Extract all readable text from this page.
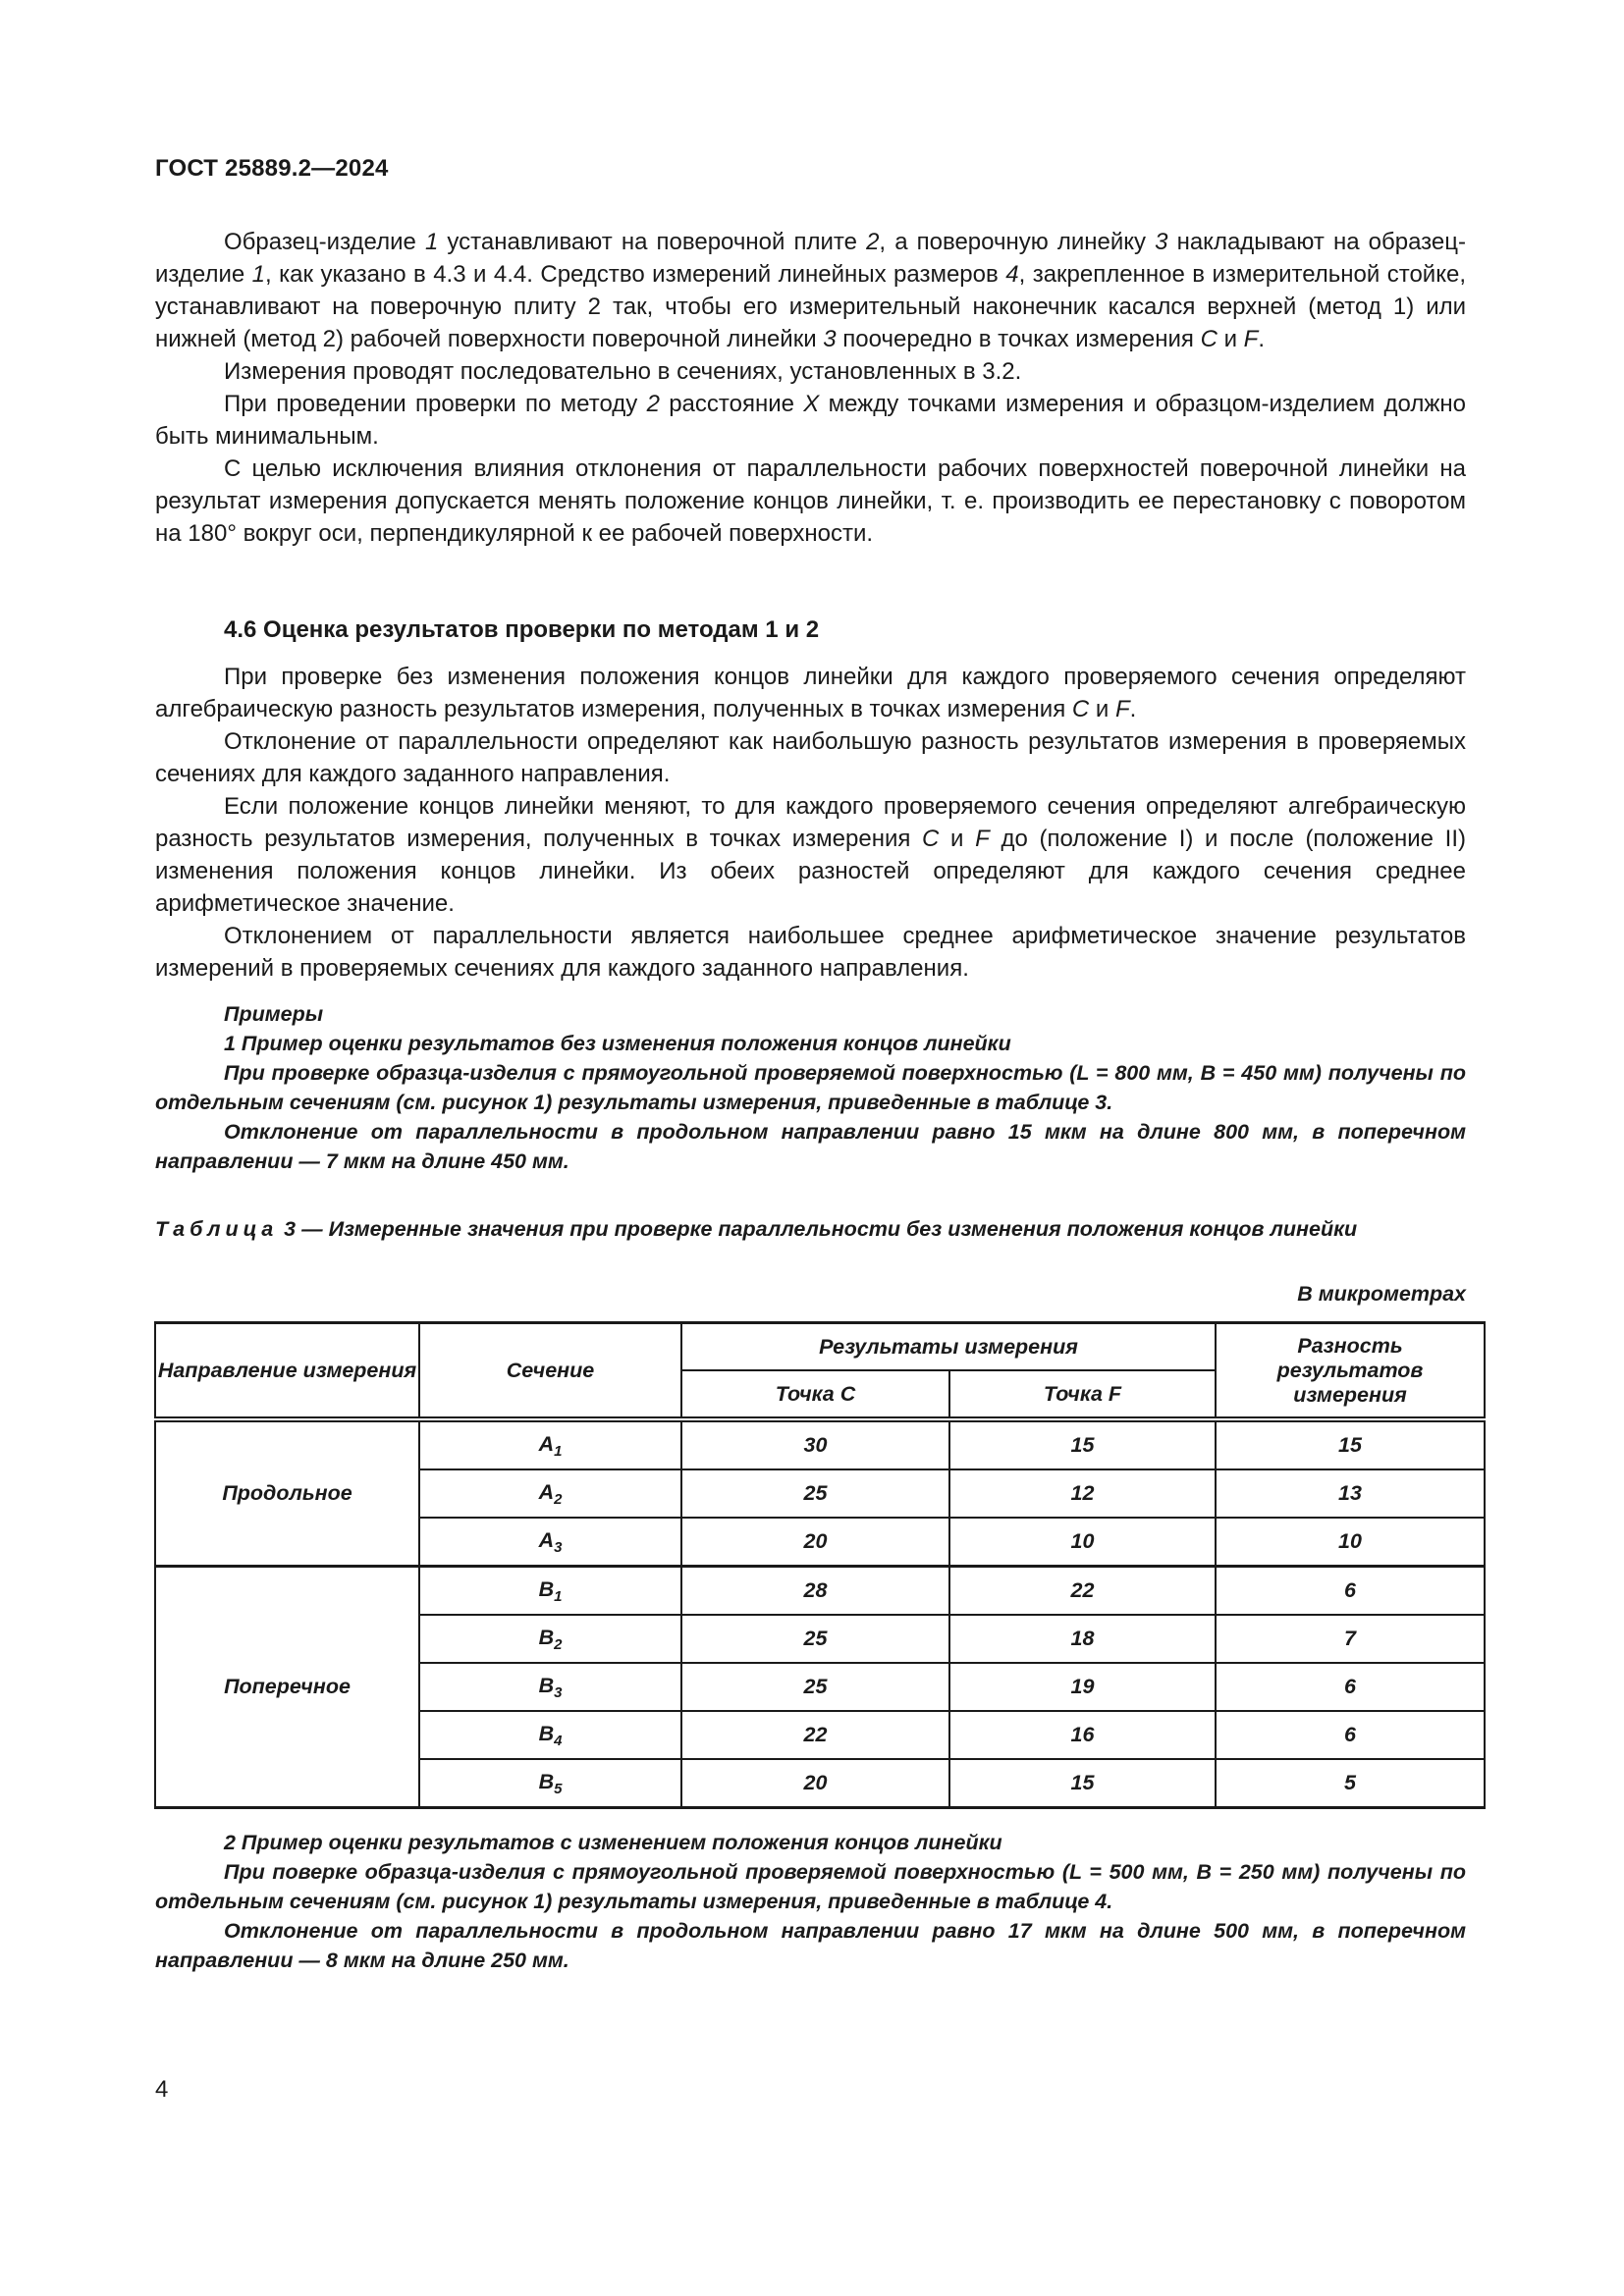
ГОСТ 25889.2—2024

Образец-изделие 1 устанавливают на поверочной плите 2, а поверочную линейку 3 накладывают на образец-изделие 1, как указано в 4.3 и 4.4. Средство измерений линейных размеров 4, закрепленное в измерительной стойке, устанавливают на поверочную плиту 2 так, чтобы его измерительный наконечник касался верхней (метод 1) или нижней (метод 2) рабочей поверхности поверочной линейки 3 поочередно в точках измерения C и F.

Измерения проводят последовательно в сечениях, установленных в 3.2.

При проведении проверки по методу 2 расстояние X между точками измерения и образцом-изделием должно быть минимальным.

С целью исключения влияния отклонения от параллельности рабочих поверхностей поверочной линейки на результат измерения допускается менять положение концов линейки, т. е. производить ее перестановку с поворотом на 180° вокруг оси, перпендикулярной к ее рабочей поверхности.

4.6 Оценка результатов проверки по методам 1 и 2

При проверке без изменения положения концов линейки для каждого проверяемого сечения определяют алгебраическую разность результатов измерения, полученных в точках измерения C и F.

Отклонение от параллельности определяют как наибольшую разность результатов измерения в проверяемых сечениях для каждого заданного направления.

Если положение концов линейки меняют, то для каждого проверяемого сечения определяют алгебраическую разность результатов измерения, полученных в точках измерения C и F до (положение I) и после (положение II) изменения положения концов линейки. Из обеих разностей определяют для каждого сечения среднее арифметическое значение.

Отклонением от параллельности является наибольшее среднее арифметическое значение результатов измерений в проверяемых сечениях для каждого заданного направления.

Примеры

1 Пример оценки результатов без изменения положения концов линейки

При проверке образца-изделия с прямоугольной проверяемой поверхностью (L = 800 мм, B = 450 мм) получены по отдельным сечениям (см. рисунок 1) результаты измерения, приведенные в таблице 3.

Отклонение от параллельности в продольном направлении равно 15 мкм на длине 800 мм, в поперечном направлении — 7 мкм на длине 450 мм.

Таблица 3 — Измеренные значения при проверке параллельности без изменения положения концов линейки
В микрометрах
Направление измерения	Сечение	Результаты измерения		Разность результатов измерения
		Точка C	Точка F	
Продольное	$A_1$	30	15	15
	$A_2$	25	12	13
	$A_3$	20	10	10
Поперечное	$B_1$	28	22	6
	$B_2$	25	18	7
	$B_3$	25	19	6
	$B_4$	22	16	6
	$B_5$	20	15	5

2 Пример оценки результатов с изменением положения концов линейки

При поверке образца-изделия с прямоугольной проверяемой поверхностью (L = 500 мм, B = 250 мм) получены по отдельным сечениям (см. рисунок 1) результаты измерения, приведенные в таблице 4.

Отклонение от параллельности в продольном направлении равно 17 мкм на длине 500 мм, в поперечном направлении — 8 мкм на длине 250 мм.

4
